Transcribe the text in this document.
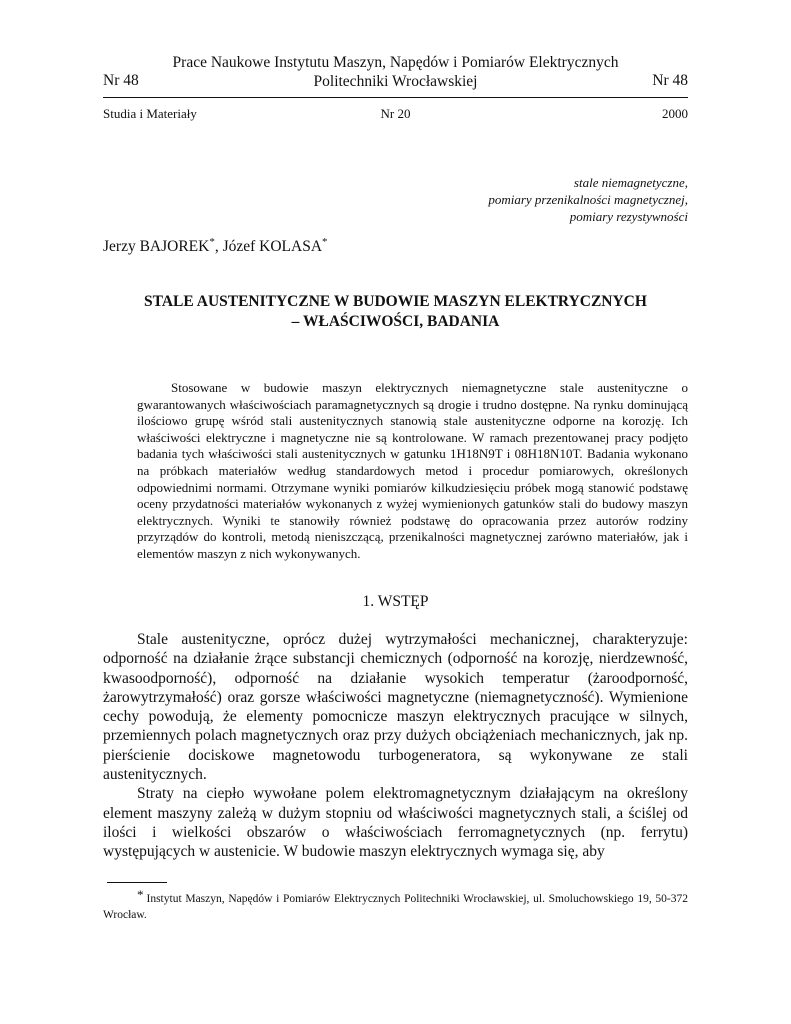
Prace Naukowe Instytutu Maszyn, Napędów i Pomiarów Elektrycznych
Politechniki Wrocławskiej
Nr 48	Nr 48
Studia i Materiały	Nr 20	2000
stale niemagnetyczne,
pomiary przenikalności magnetycznej,
pomiary rezystywności
Jerzy BAJOREK*, Józef KOLASA*
STALE AUSTENITYCZNE W BUDOWIE MASZYN ELEKTRYCZNYCH
– WŁAŚCIWOŚCI, BADANIA

Stosowane w budowie maszyn elektrycznych niemagnetyczne stale austenityczne o gwarantowanych właściwościach paramagnetycznych są drogie i trudno dostępne. Na rynku dominującą ilościowo grupę wśród stali austenitycznych stanowią stale austenityczne odporne na korozję. Ich właściwości elektryczne i magnetyczne nie są kontrolowane. W ramach prezentowanej pracy podjęto badania tych właściwości stali austenitycznych w gatunku 1H18N9T i 08H18N10T. Badania wykonano na próbkach materiałów według standardowych metod i procedur pomiarowych, określonych odpowiednimi normami. Otrzymane wyniki pomiarów kilkudziesięciu próbek mogą stanowić podstawę oceny przydatności materiałów wykonanych z wyżej wymienionych gatunków stali do budowy maszyn elektrycznych. Wyniki te stanowiły również podstawę do opracowania przez autorów rodziny przyrządów do kontroli, metodą nieniszczącą, przenikalności magnetycznej zarówno materiałów, jak i elementów maszyn z nich wykonywanych.

1. WSTĘP

Stale austenityczne, oprócz dużej wytrzymałości mechanicznej, charakteryzuje: odporność na działanie żrące substancji chemicznych (odporność na korozję, nierdzewność, kwasoodporność), odporność na działanie wysokich temperatur (żaroodporność, żarowytrzymałość) oraz gorsze właściwości magnetyczne (niemagnetyczność). Wymienione cechy powodują, że elementy pomocnicze maszyn elektrycznych pracujące w silnych, przemiennych polach magnetycznych oraz przy dużych obciążeniach mechanicznych, jak np. pierścienie dociskowe magnetowodu turbogeneratora, są wykonywane ze stali austenitycznych.

Straty na ciepło wywołane polem elektromagnetycznym działającym na określony element maszyny zależą w dużym stopniu od właściwości magnetycznych stali, a ściślej od ilości i wielkości obszarów o właściwościach ferromagnetycznych (np. ferrytu) występujących w austenicie. W budowie maszyn elektrycznych wymaga się, aby

* Instytut Maszyn, Napędów i Pomiarów Elektrycznych Politechniki Wrocławskiej, ul. Smoluchowskiego 19, 50-372 Wrocław.
